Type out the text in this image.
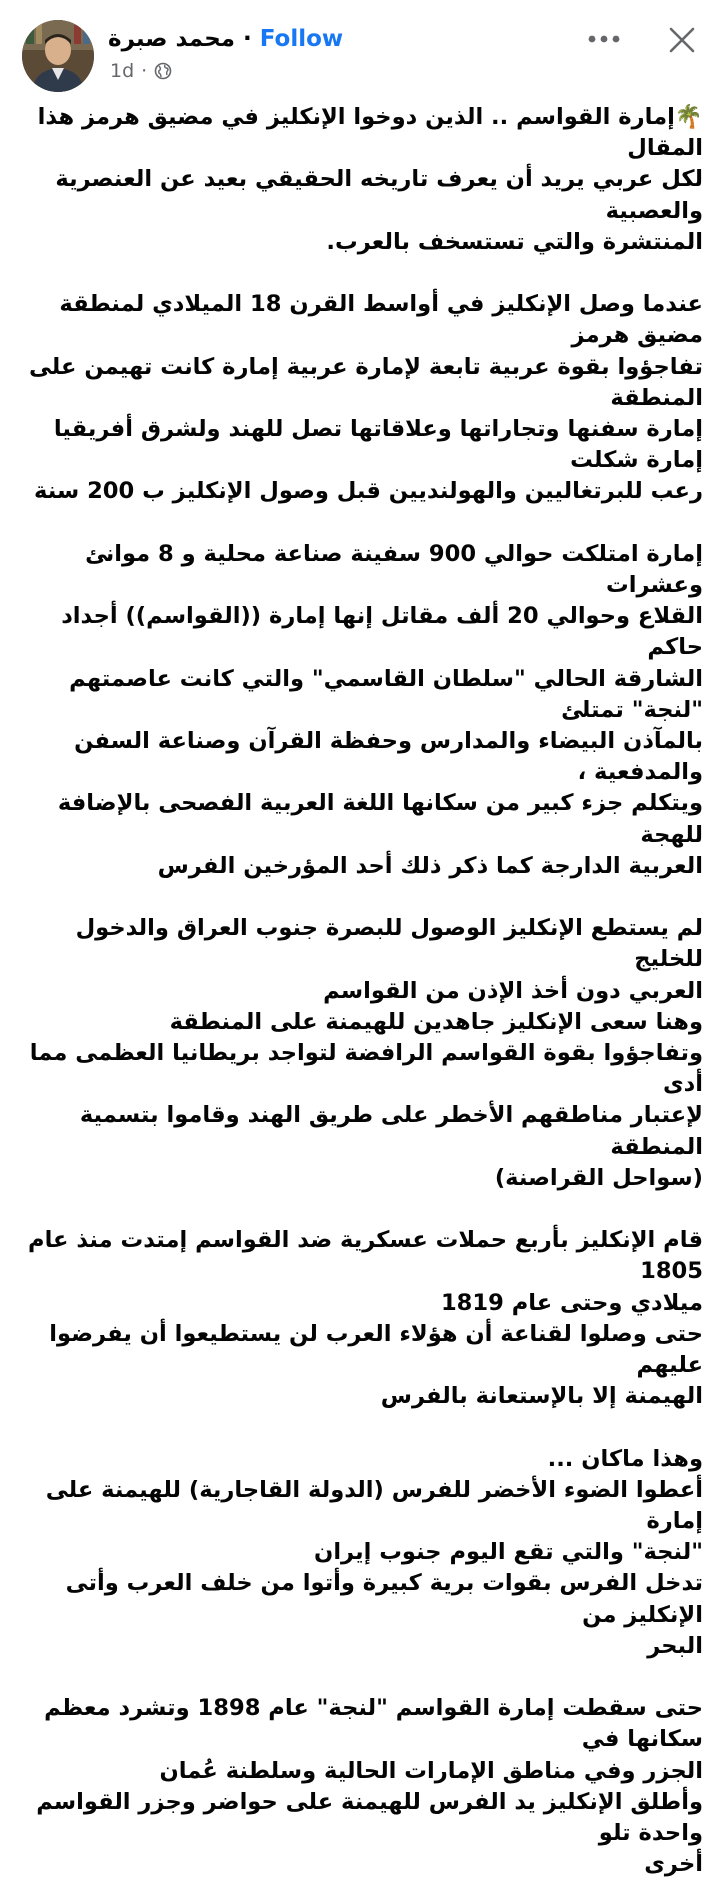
محمد صبرة · Follow
1d ·

🌴إمارة القواسم .. الذين دوخوا الإنكليز في مضيق هرمز هذا المقال
لكل عربي يريد أن يعرف تاريخه الحقيقي بعيد عن العنصرية والعصبية
المنتشرة والتي تستسخف بالعرب.

عندما وصل الإنكليز في أواسط القرن 18 الميلادي لمنطقة مضيق هرمز
تفاجؤوا بقوة عربية تابعة لإمارة عربية إمارة كانت تهيمن على المنطقة
إمارة سفنها وتجاراتها وعلاقاتها تصل للهند ولشرق أفريقيا إمارة شكلت
رعب للبرتغاليين والهولنديين قبل وصول الإنكليز ب 200 سنة

إمارة امتلكت حوالي 900 سفينة صناعة محلية و 8 موانئ وعشرات
القلاع وحوالي 20 ألف مقاتل إنها إمارة ((القواسم)) أجداد حاكم
الشارقة الحالي "سلطان القاسمي" والتي كانت عاصمتهم "لنجة" تمتلئ
بالمآذن البيضاء والمدارس وحفظة القرآن وصناعة السفن والمدفعية ،
ويتكلم جزء كبير من سكانها اللغة العربية الفصحى بالإضافة للهجة
العربية الدارجة كما ذكر ذلك أحد المؤرخين الفرس

لم يستطع الإنكليز الوصول للبصرة جنوب العراق والدخول للخليج
العربي دون أخذ الإذن من القواسم
وهنا سعى الإنكليز جاهدين للهيمنة على المنطقة
وتفاجؤوا بقوة القواسم الرافضة لتواجد بريطانيا العظمى مما أدى
لإعتبار مناطقهم الأخطر على طريق الهند وقاموا بتسمية المنطقة
(سواحل القراصنة)

قام الإنكليز بأربع حملات عسكرية ضد القواسم إمتدت منذ عام 1805
ميلادي وحتى عام 1819
حتى وصلوا لقناعة أن هؤلاء العرب لن يستطيعوا أن يفرضوا عليهم
الهيمنة إلا بالإستعانة بالفرس

وهذا ماكان ...
أعطوا الضوء الأخضر للفرس (الدولة القاجارية) للهيمنة على إمارة
"لنجة" والتي تقع اليوم جنوب إيران
تدخل الفرس بقوات برية كبيرة وأتوا من خلف العرب وأتى الإنكليز من
البحر

حتى سقطت إمارة القواسم "لنجة" عام 1898 وتشرد معظم سكانها في
الجزر وفي مناطق الإمارات الحالية وسلطنة عُمان
وأطلق الإنكليز يد الفرس للهيمنة على حواضر وجزر القواسم واحدة تلو
أخرى
